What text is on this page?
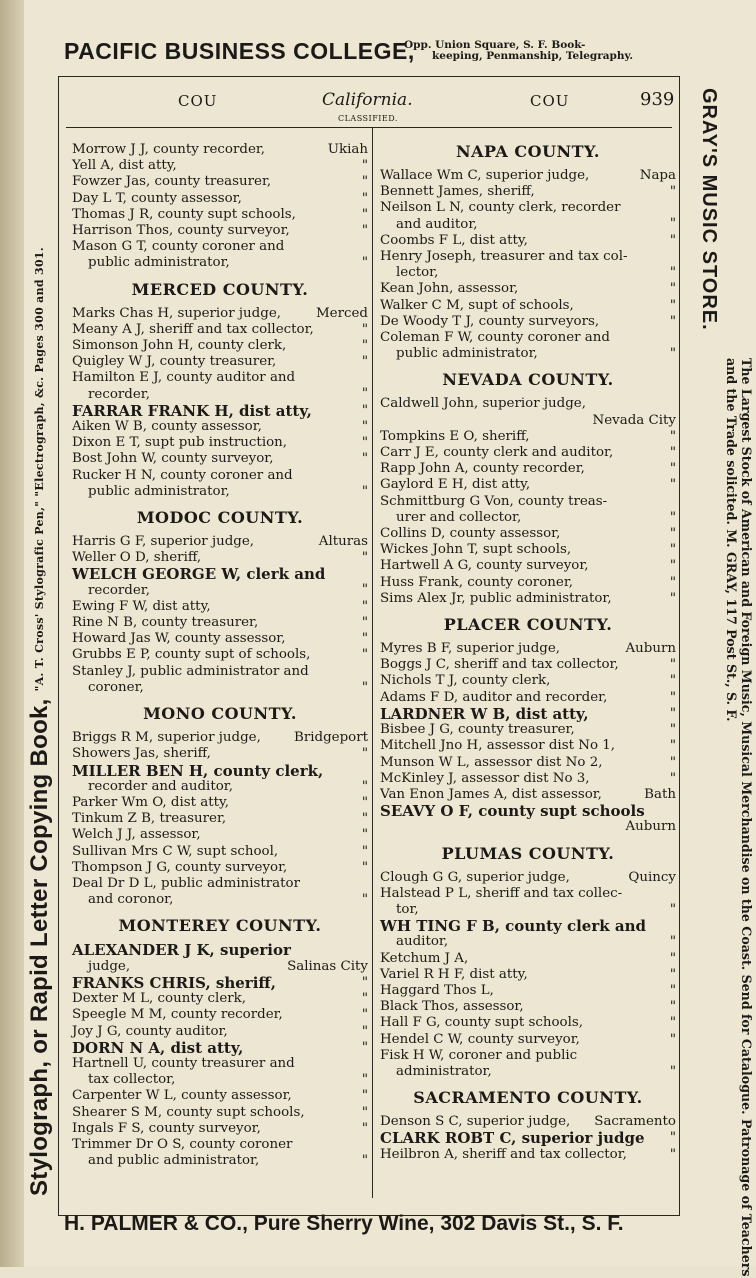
PACIFIC BUSINESS COLLEGE,
Opp. Union Square, S. F. Book-
keeping, Penmanship, Telegraphy.
COU	California.
CLASSIFIED.
COU	939
Morrow J J, county recorder,	Ukiah
Yell A, dist atty,	"
Fowzer Jas, county treasurer,	"
Day L T, county assessor,	"
Thomas J R, county supt schools,	"
Harrison Thos, county surveyor,	"
Mason G T, county coroner and
public administrator,	"
MERCED COUNTY.
Marks Chas H, superior judge,	Merced
Meany A J, sheriff and tax collector,	"
Simonson John H, county clerk,	"
Quigley W J, county treasurer,	"
Hamilton E J, county auditor and
recorder,	"
FARRAR FRANK H, dist atty,	"
Aiken W B, county assessor,	"
Dixon E T, supt pub instruction,	"
Bost John W, county surveyor,	"
Rucker H N, county coroner and
public administrator,	"
MODOC COUNTY.
Harris G F, superior judge,	Alturas
Weller O D, sheriff,	"
WELCH GEORGE W, clerk and
recorder,	"
Ewing F W, dist atty,	"
Rine N B, county treasurer,	"
Howard Jas W, county assessor,	"
Grubbs E P, county supt of schools,	"
Stanley J, public administrator and
coroner,	"
MONO COUNTY.
Briggs R M, superior judge,	Bridgeport
Showers Jas, sheriff,	"
MILLER BEN H, county clerk,
recorder and auditor,	"
Parker Wm O, dist atty,	"
Tinkum Z B, treasurer,	"
Welch J J, assessor,	"
Sullivan Mrs C W, supt school,	"
Thompson J G, county surveyor,	"
Deal Dr D L, public administrator
and coronor,	"
MONTEREY COUNTY.
ALEXANDER J K, superior
judge,	Salinas City
FRANKS CHRIS, sheriff,	"
Dexter M L, county clerk,	"
Speegle M M, county recorder,	"
Joy J G, county auditor,	"
DORN N A, dist atty,	"
Hartnell U, county treasurer and
tax collector,	"
Carpenter W L, county assessor,	"
Shearer S M, county supt schools,	"
Ingals F S, county surveyor,	"
Trimmer Dr O S, county coroner
and public administrator,	"
NAPA COUNTY.
Wallace Wm C, superior judge,	Napa
Bennett James, sheriff,	"
Neilson L N, county clerk, recorder
and auditor,	"
Coombs F L, dist atty,	"
Henry Joseph, treasurer and tax col-
lector,	"
Kean John, assessor,	"
Walker C M, supt of schools,	"
De Woody T J, county surveyors,	"
Coleman F W, county coroner and
public administrator,	"
NEVADA COUNTY.
Caldwell John, superior judge,
Nevada City
Tompkins E O, sheriff,	"
Carr J E, county clerk and auditor,	"
Rapp John A, county recorder,	"
Gaylord E H, dist atty,	"
Schmittburg G Von, county treas-
urer and collector,	"
Collins D, county assessor,	"
Wickes John T, supt schools,	"
Hartwell A G, county surveyor,	"
Huss Frank, county coroner,	"
Sims Alex Jr, public administrator,	"
PLACER COUNTY.
Myres B F, superior judge,	Auburn
Boggs J C, sheriff and tax collector,	"
Nichols T J, county clerk,	"
Adams F D, auditor and recorder,	"
LARDNER W B, dist atty,	"
Bisbee J G, county treasurer,	"
Mitchell Jno H, assessor dist No 1,	"
Munson W L, assessor dist No 2,	"
McKinley J, assessor dist No 3,	"
Van Enon James A, dist assessor,	Bath
SEAVY O F, county supt schools
Auburn
PLUMAS COUNTY.
Clough G G, superior judge,	Quincy
Halstead P L, sheriff and tax collec-
tor,	"
WH TING F B, county clerk and
auditor,	"
Ketchum J A,	"
Variel R H F, dist atty,	"
Haggard Thos L,	"
Black Thos, assessor,	"
Hall F G, county supt schools,	"
Hendel C W, county surveyor,	"
Fisk H W, coroner and public
administrator,	"
SACRAMENTO COUNTY.
Denson S C, superior judge,	Sacramento
CLARK ROBT C, superior judge	"
Heilbron A, sheriff and tax collector,	"
Stylograph, or Rapid Letter Copying Book, "A. T. Cross' Stylografic Pen," "Electrograph, &c. Pages 300 and 301.
GRAY'S MUSIC STORE.
The Largest Stock of American and Foreign Music, Musical Merchandise on the Coast. Send for Catalogue. Patronage of Teachers and the Trade solicited. M. GRAY, 117 Post St., S. F.
H. PALMER & CO., Pure Sherry Wine, 302 Davis St., S. F.
